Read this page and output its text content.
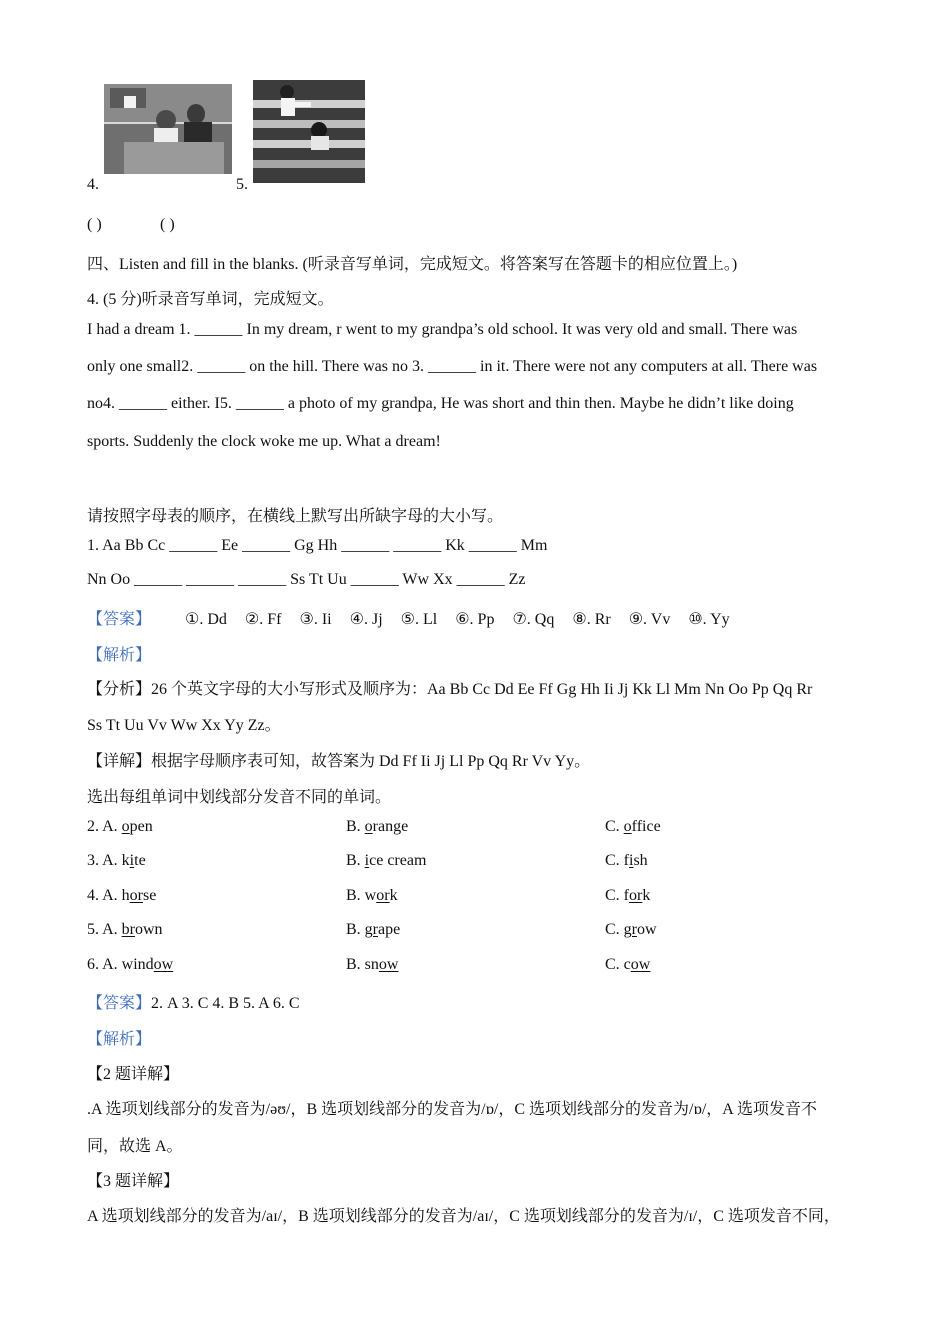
4.	5.
( )	( )
四、Listen and fill in the blanks. (听录音写单词，完成短文。将答案写在答题卡的相应位置上。)
4. (5 分)听录音写单词，完成短文。
I had a dream 1. ______ In my dream, r went to my grandpa’s old school. It was very old and small. There was
only one small2. ______ on the hill. There was no 3. ______ in it. There were not any computers at all. There was
no4. ______ either. I5. ______ a photo of my grandpa, He was short and thin then. Maybe he didn’t like doing
sports. Suddenly the clock woke me up. What a dream!
请按照字母表的顺序，在横线上默写出所缺字母的大小写。
1. Aa Bb Cc ______ Ee ______ Gg Hh ______ ______ Kk ______ Mm
Nn Oo ______ ______ ______ Ss Tt Uu ______ Ww Xx ______ Zz
【答案】 ①. Dd ②. Ff ③. Ii ④. Jj ⑤. Ll ⑥. Pp ⑦. Qq ⑧. Rr ⑨. Vv ⑩. Yy
【解析】
【分析】26 个英文字母的大小写形式及顺序为：Aa Bb Cc Dd Ee Ff Gg Hh Ii Jj Kk Ll Mm Nn Oo Pp Qq Rr
Ss Tt Uu Vv Ww Xx Yy Zz。
【详解】根据字母顺序表可知，故答案为 Dd Ff Ii Jj Ll Pp Qq Rr Vv Yy。
选出每组单词中划线部分发音不同的单词。
2. A. open	B. orange	C. office
3. A. kite	B. ice cream	C. fish
4. A. horse	B. work	C. fork
5. A. brown	B. grape	C. grow
6. A. window	B. snow	C. cow
【答案】2. A 3. C 4. B 5. A 6. C
【解析】
【2 题详解】
.A 选项划线部分的发音为/əʊ/，B 选项划线部分的发音为/ɒ/，C 选项划线部分的发音为/ɒ/，A 选项发音不
同，故选 A。
【3 题详解】
A 选项划线部分的发音为/aɪ/，B 选项划线部分的发音为/aɪ/，C 选项划线部分的发音为/ɪ/，C 选项发音不同，
